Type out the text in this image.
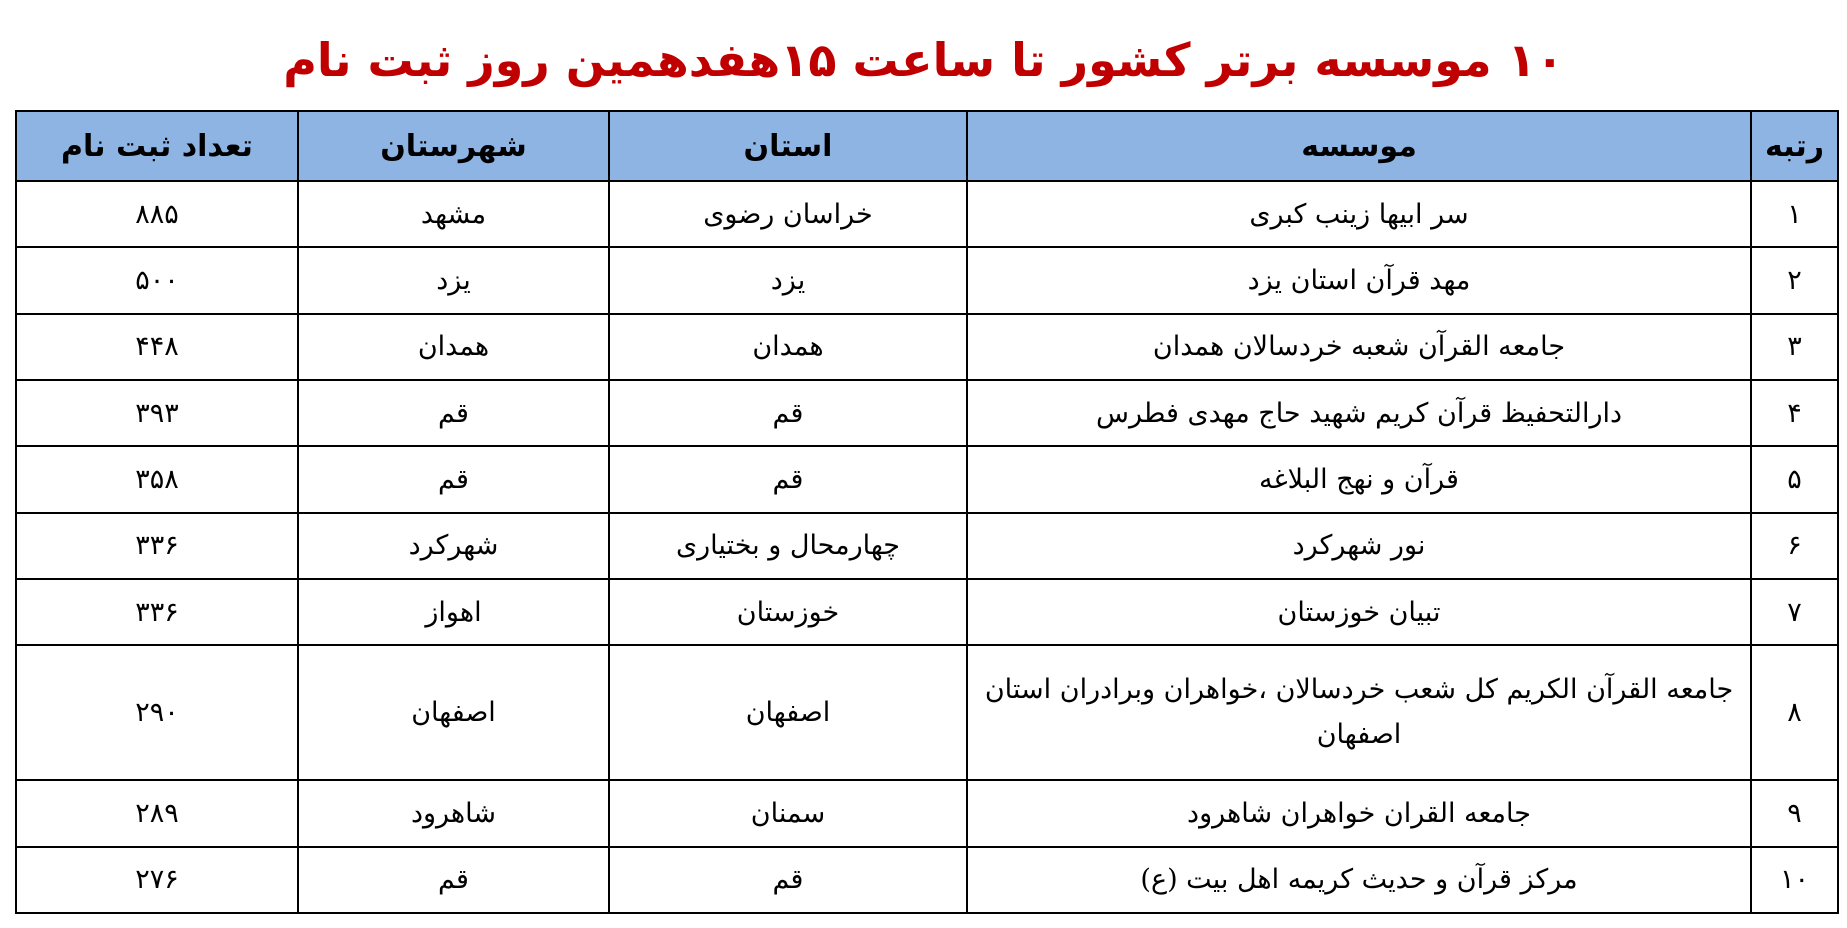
۱۰ موسسه برتر کشور تا ساعت ۱۵هفدهمین روز ثبت نام
رتبه	موسسه	استان	شهرستان	تعداد ثبت نام
۱	سر ابیها زینب کبری	خراسان رضوی	مشهد	۸۸۵
۲	مهد قرآن استان یزد	یزد	یزد	۵۰۰
۳	جامعه القرآن شعبه خردسالان همدان	همدان	همدان	۴۴۸
۴	دارالتحفیظ قرآن کریم شهید حاج مهدی فطرس	قم	قم	۳۹۳
۵	قرآن و نهج البلاغه	قم	قم	۳۵۸
۶	نور شهرکرد	چهارمحال و بختیاری	شهرکرد	۳۳۶
۷	تبیان خوزستان	خوزستان	اهواز	۳۳۶
۸	جامعه القرآن الکریم کل شعب خردسالان ،خواهران وبرادران استان اصفهان	اصفهان	اصفهان	۲۹۰
۹	جامعه القران خواهران شاهرود	سمنان	شاهرود	۲۸۹
۱۰	مرکز قرآن و حدیث کریمه اهل بیت (ع)	قم	قم	۲۷۶
